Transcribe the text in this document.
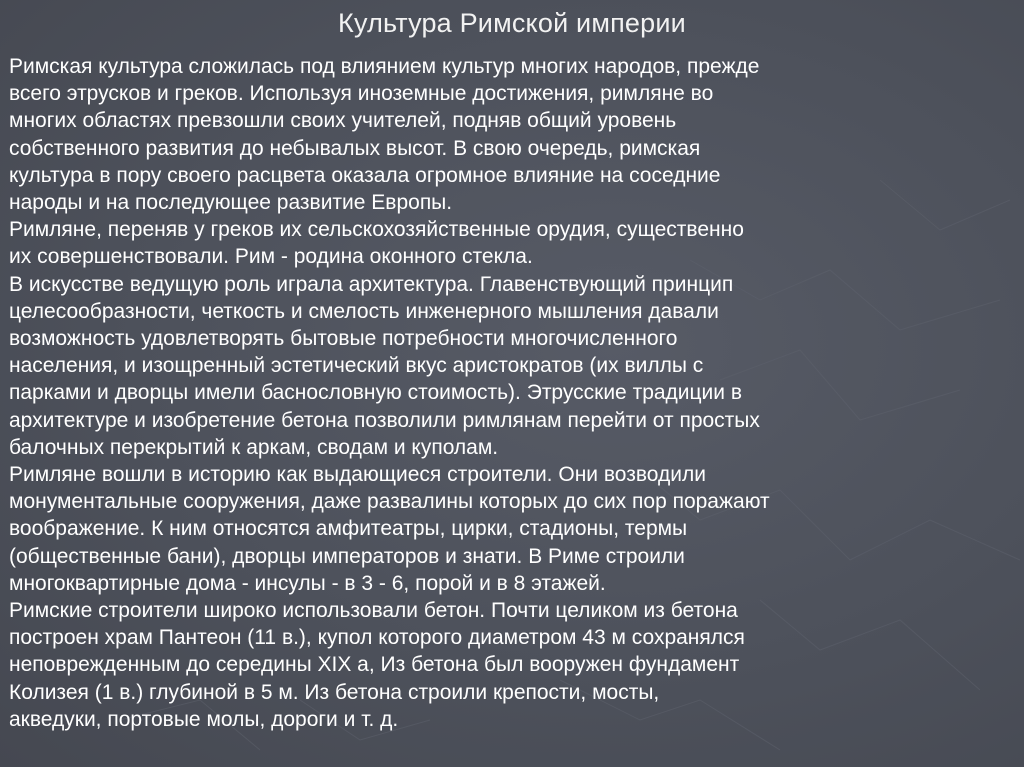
Культура Римской империи

Римская культура сложилась под влиянием культур многих народов, прежде
всего этрусков и греков. Используя иноземные достижения, римляне во
многих областях превзошли своих учителей, подняв общий уровень
собственного развития до небывалых высот. В свою очередь, римская
культура в пору своего расцвета оказала огромное влияние на соседние
народы и на последующее развитие Европы.

Римляне, переняв у греков их сельскохозяйственные орудия, существенно
их совершенствовали. Рим - родина оконного стекла.

В искусстве ведущую роль играла архитектура. Главенствующий принцип
целесообразности, четкость и смелость инженерного мышления давали
возможность удовлетворять бытовые потребности многочисленного
населения, и изощренный эстетический вкус аристократов (их виллы с
парками и дворцы имели баснословную стоимость). Этрусские традиции в
архитектуре и изобретение бетона позволили римлянам перейти от простых
балочных перекрытий к аркам, сводам и куполам.

Римляне вошли в историю как выдающиеся строители. Они возводили
монументальные сооружения, даже развалины которых до сих пор поражают
воображение. К ним относятся амфитеатры, цирки, стадионы, термы
(общественные бани), дворцы императоров и знати. В Риме строили
многоквартирные дома - инсулы - в 3 - 6, порой и в 8 этажей.

Римские строители широко использовали бетон. Почти целиком из бетона
построен храм Пантеон (11 в.), купол которого диаметром 43 м сохранялся
неповрежденным до середины XIX а, Из бетона был вооружен фундамент
Колизея (1 в.) глубиной в 5 м. Из бетона строили крепости, мосты,
акведуки, портовые молы, дороги и т. д.
